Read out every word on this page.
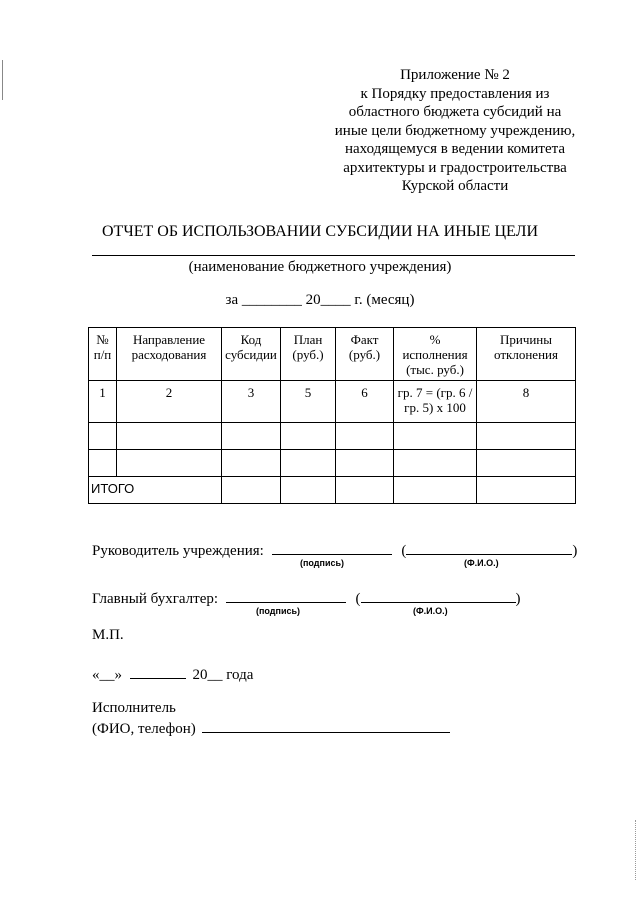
Приложение № 2
к Порядку предоставления из
областного бюджета субсидий на
иные цели бюджетному учреждению,
находящемуся в ведении комитета
архитектуры и градостроительства
Курской области
ОТЧЕТ ОБ ИСПОЛЬЗОВАНИИ СУБСИДИИ НА ИНЫЕ ЦЕЛИ
(наименование бюджетного учреждения)
за ________ 20____ г. (месяц)
№ п/п	Направление расходования	Код субсидии	План (руб.)	Факт (руб.)	% исполнения (тыс. руб.)	Причины отклонения
1	2	3	5	6	гр. 7 = (гр. 6 / гр. 5) x 100	8

ИТОГО						
Руководитель учреждения:	(	)
(подпись)	(Ф.И.О.)
Главный бухгалтер:	(	)
(подпись)	(Ф.И.О.)
М.П.
«__»	20__ года
Исполнитель
(ФИО, телефон)
